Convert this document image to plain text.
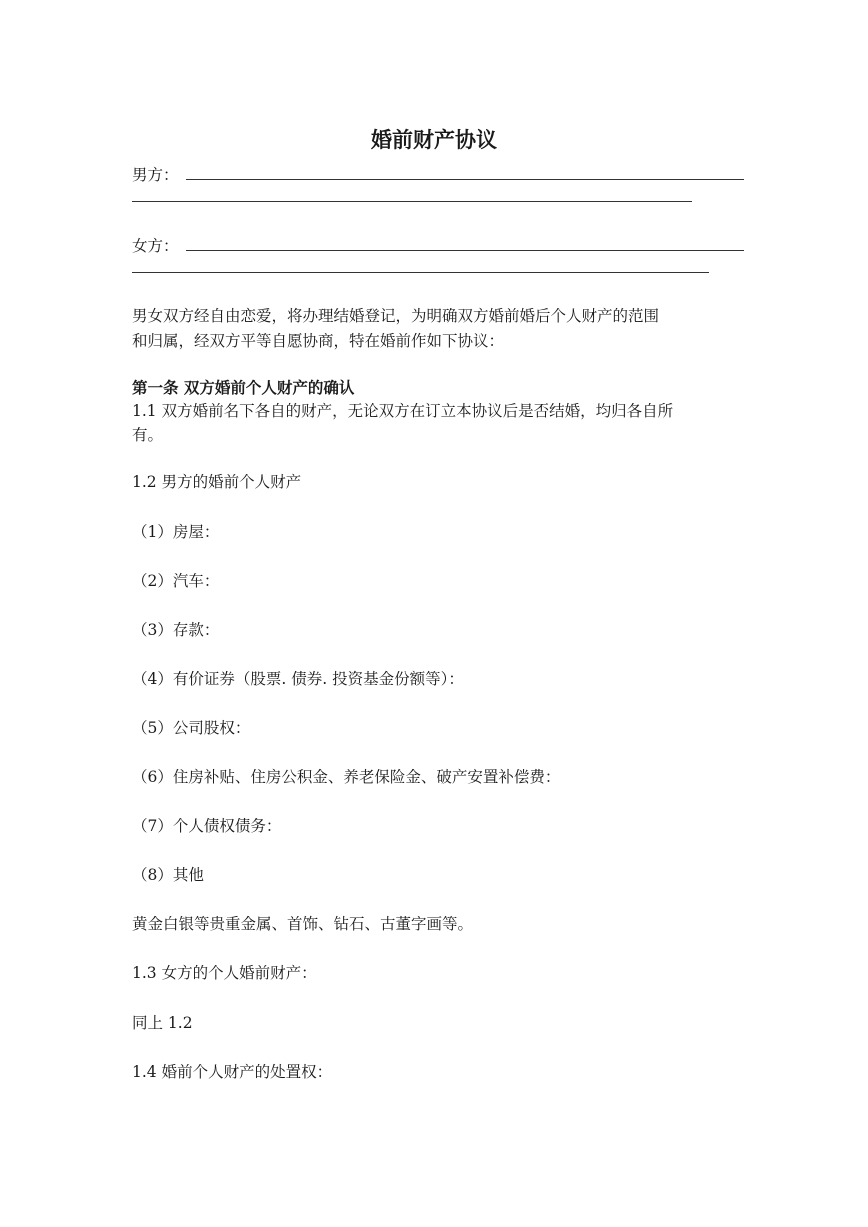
婚前财产协议
男方：
女方：
男女双方经自由恋爱，将办理结婚登记，为明确双方婚前婚后个人财产的范围
和归属，经双方平等自愿协商，特在婚前作如下协议：
第一条 双方婚前个人财产的确认
1.1 双方婚前名下各自的财产，无论双方在订立本协议后是否结婚，均归各自所
有。
1.2 男方的婚前个人财产
（1）房屋：
（2）汽车：
（3）存款：
（4）有价证券（股票. 债券. 投资基金份额等）：
（5）公司股权：
（6）住房补贴、住房公积金、养老保险金、破产安置补偿费：
（7）个人债权债务：
（8）其他
黄金白银等贵重金属、首饰、钻石、古董字画等。
1.3 女方的个人婚前财产：
同上 1.2
1.4 婚前个人财产的处置权：
